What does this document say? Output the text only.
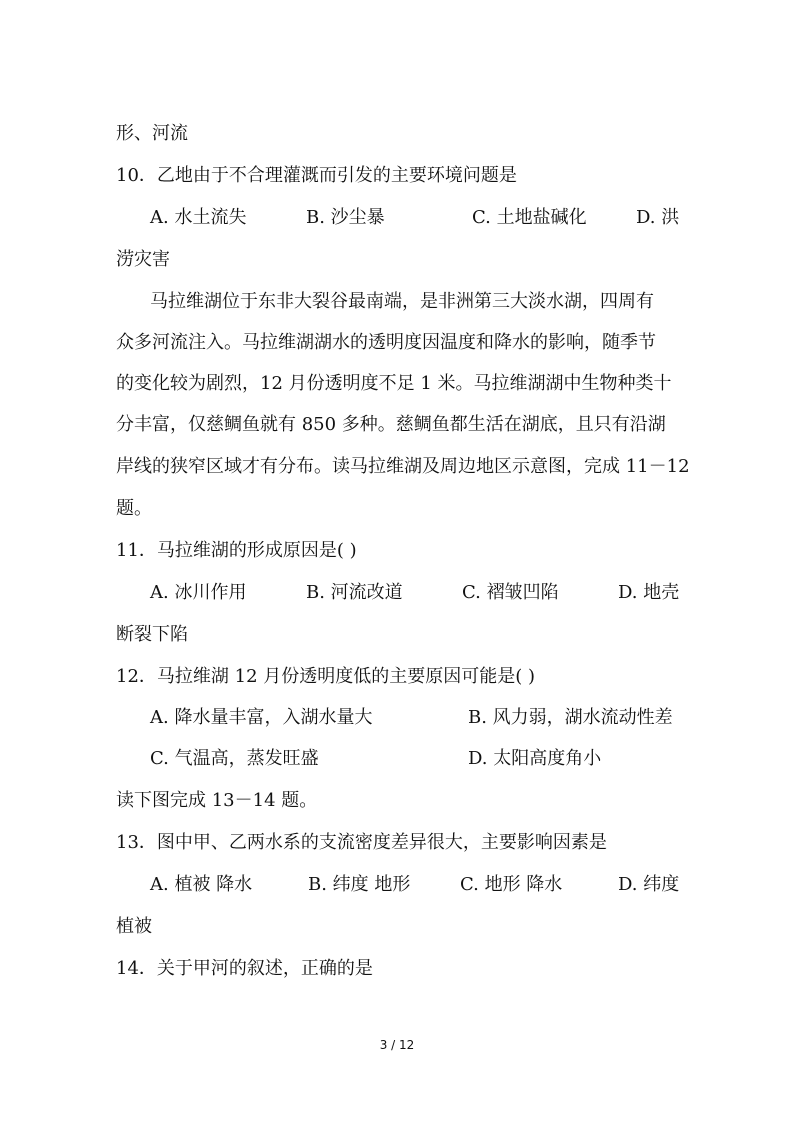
形、河流
10．乙地由于不合理灌溉而引发的主要环境问题是
A. 水土流失	B. 沙尘暴	C. 土地盐碱化	D. 洪
涝灾害
马拉维湖位于东非大裂谷最南端，是非洲第三大淡水湖，四周有
众多河流注入。马拉维湖湖水的透明度因温度和降水的影响，随季节
的变化较为剧烈，12 月份透明度不足 1 米。马拉维湖湖中生物种类十
分丰富，仅慈鲷鱼就有 850 多种。慈鲷鱼都生活在湖底，且只有沿湖
岸线的狭窄区域才有分布。读马拉维湖及周边地区示意图，完成 11－12
题。
11．马拉维湖的形成原因是( )
A. 冰川作用	B. 河流改道	C. 褶皱凹陷	D. 地壳
断裂下陷
12．马拉维湖 12 月份透明度低的主要原因可能是( )
A. 降水量丰富，入湖水量大	B. 风力弱，湖水流动性差
C. 气温高，蒸发旺盛	D. 太阳高度角小
读下图完成 13－14 题。
13．图中甲、乙两水系的支流密度差异很大，主要影响因素是
A. 植被 降水	B. 纬度 地形	C. 地形 降水	D. 纬度
植被
14．关于甲河的叙述，正确的是
3 / 12
